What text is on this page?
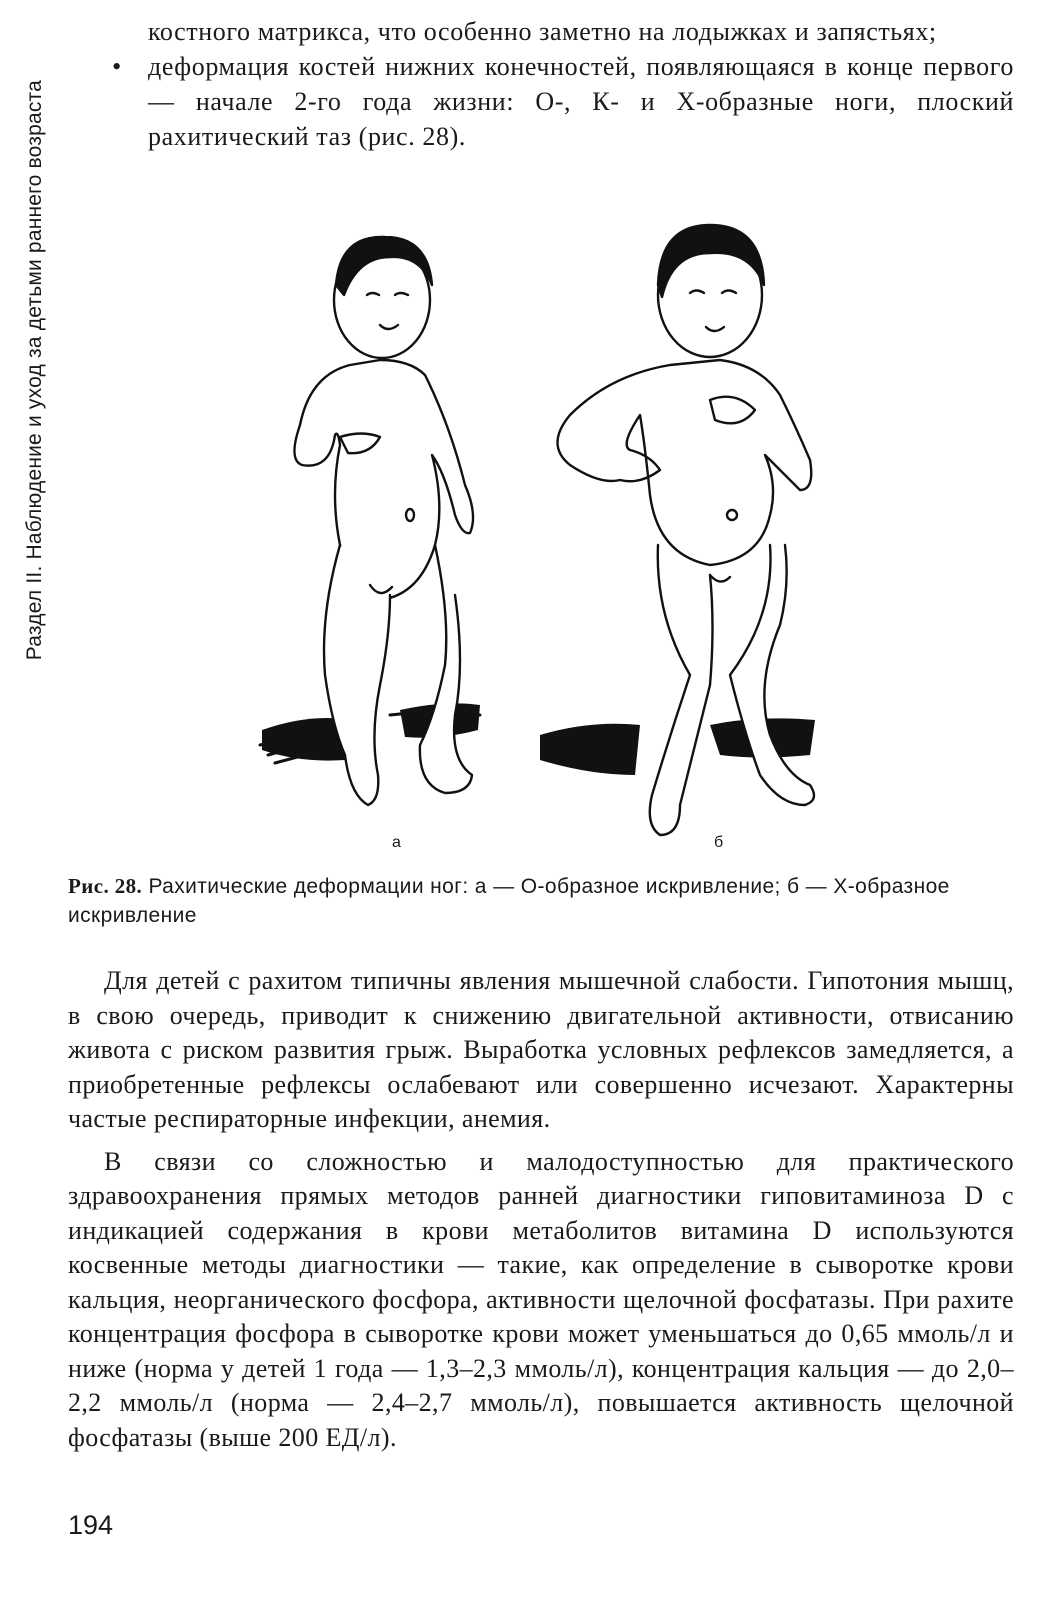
Раздел II. Наблюдение и уход за детьми раннего возраста

костного матрикса, что особенно заметно на лодыжках и запястьях;

•	деформация костей нижних конечностей, появляющаяся в конце первого — начале 2-го года жизни: О-, К- и Х-образные ноги, плоский рахитический таз (рис. 28).

а	б
Рис. 28. Рахитические деформации ног: а — О-образное искривление; б — Х-образное искривление

Для детей с рахитом типичны явления мышечной слабости. Гипотония мышц, в свою очередь, приводит к снижению двигательной активности, отвисанию живота с риском развития грыж. Выработка условных рефлексов замедляется, а приобретенные рефлексы ослабевают или совершенно исчезают. Характерны частые респираторные инфекции, анемия.

В связи со сложностью и малодоступностью для практического здравоохранения прямых методов ранней диагностики гиповитаминоза D с индикацией содержания в крови метаболитов витамина D используются косвенные методы диагностики — такие, как определение в сыворотке крови кальция, неорганического фосфора, активности щелочной фосфатазы. При рахите концентрация фосфора в сыворотке крови может уменьшаться до 0,65 ммоль/л и ниже (норма у детей 1 года — 1,3–2,3 ммоль/л), концентрация кальция — до 2,0–2,2 ммоль/л (норма — 2,4–2,7 ммоль/л), повышается активность щелочной фосфатазы (выше 200 ЕД/л).

194
